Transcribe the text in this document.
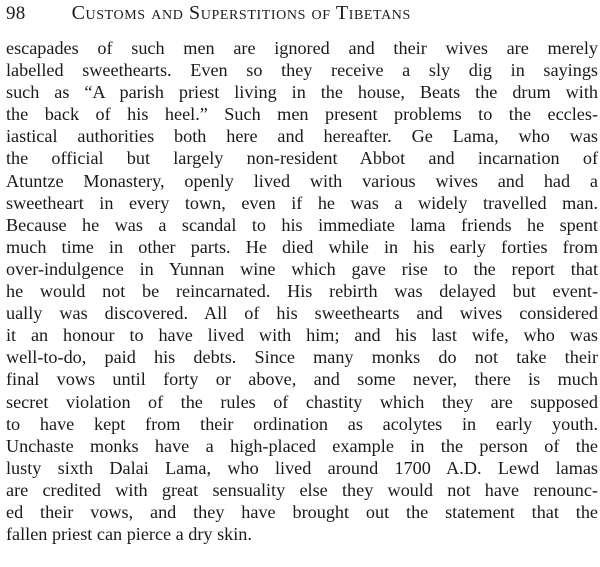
98 Customs and Superstitions of Tibetans
escapades of such men are ignored and their wives are merely
labelled sweethearts. Even so they receive a sly dig in sayings
such as “A parish priest living in the house, Beats the drum with
the back of his heel.” Such men present problems to the eccles-
iastical authorities both here and hereafter. Ge Lama, who was
the official but largely non-resident Abbot and incarnation of
Atuntze Monastery, openly lived with various wives and had a
sweetheart in every town, even if he was a widely travelled man.
Because he was a scandal to his immediate lama friends he spent
much time in other parts. He died while in his early forties from
over-indulgence in Yunnan wine which gave rise to the report that
he would not be reincarnated. His rebirth was delayed but event-
ually was discovered. All of his sweethearts and wives considered
it an honour to have lived with him; and his last wife, who was
well-to-do, paid his debts. Since many monks do not take their
final vows until forty or above, and some never, there is much
secret violation of the rules of chastity which they are supposed
to have kept from their ordination as acolytes in early youth.
Unchaste monks have a high-placed example in the person of the
lusty sixth Dalai Lama, who lived around 1700 A.D. Lewd lamas
are credited with great sensuality else they would not have renounc-
ed their vows, and they have brought out the statement that the
fallen priest can pierce a dry skin.
